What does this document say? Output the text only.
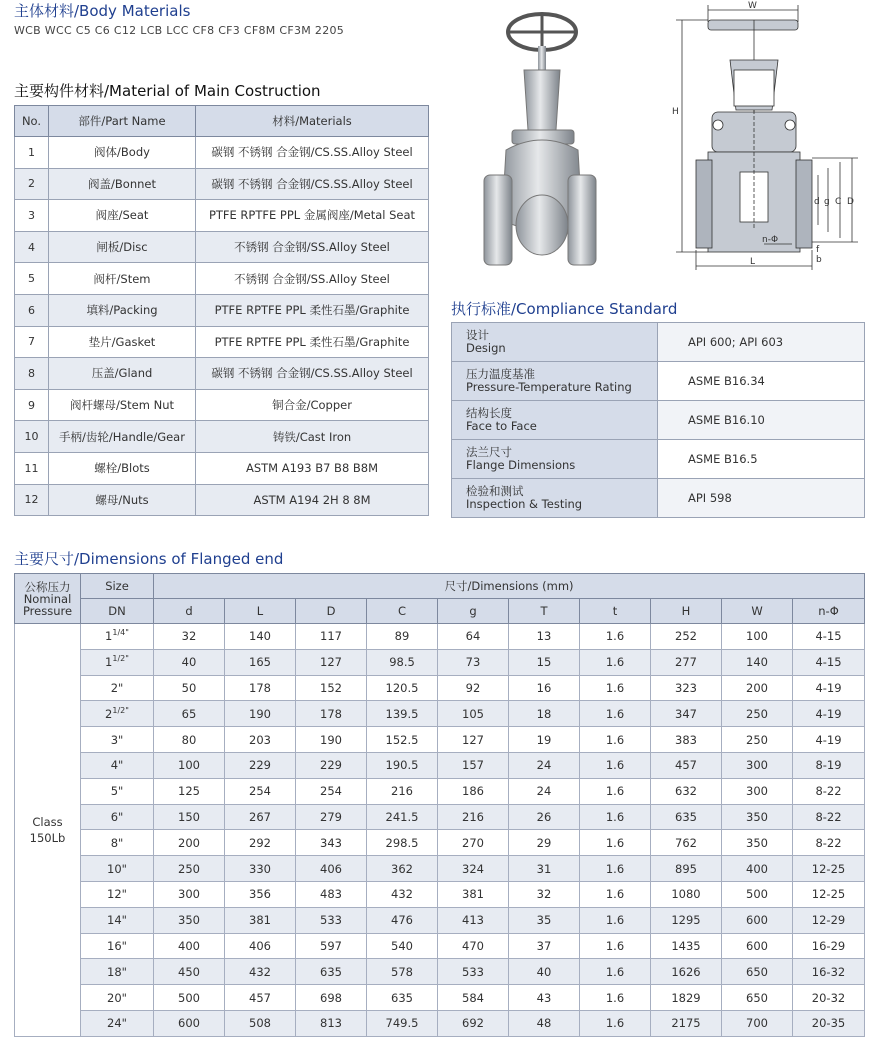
主体材料/Body Materials
WCB WCC C5 C6 C12 LCB LCC CF8 CF3 CF8M CF3M 2205
主要构件材料/Material of Main Costruction
No.	部件/Part Name	材料/Materials
1	阀体/Body	碳钢 不锈钢 合金钢/CS.SS.Alloy Steel
2	阀盖/Bonnet	碳钢 不锈钢 合金钢/CS.SS.Alloy Steel
3	阀座/Seat	PTFE RPTFE PPL 金属阀座/Metal Seat
4	闸板/Disc	不锈钢 合金钢/SS.Alloy Steel
5	阀杆/Stem	不锈钢 合金钢/SS.Alloy Steel
6	填料/Packing	PTFE RPTFE PPL 柔性石墨/Graphite
7	垫片/Gasket	PTFE RPTFE PPL 柔性石墨/Graphite
8	压盖/Gland	碳钢 不锈钢 合金钢/CS.SS.Alloy Steel
9	阀杆螺母/Stem Nut	铜合金/Copper
10	手柄/齿轮/Handle/Gear	铸铁/Cast Iron
11	螺栓/Blots	ASTM A193 B7 B8 B8M
12	螺母/Nuts	ASTM A194 2H 8 8M
W
H
L
d g C D
n-Φ
f
b
执行标准/Compliance Standard
设计
Design	API 600; API 603

压力温度基准
Pressure-Temperature Rating	ASME B16.34

结构长度
Face to Face	ASME B16.10

法兰尺寸
Flange Dimensions	ASME B16.5

检验和测试
Inspection & Testing	API 598
主要尺寸/Dimensions of Flanged end
公称压力
Nominal
Pressure	Size	尺寸/Dimensions (mm)									
	DN	d	L	D	C	g	T	t	H	W	n-Φ

Class
150Lb	$1^{1/4"}$	32	140	117	89	64	13	1.6	252	100	4-15
	$1^{1/2"}$	40	165	127	98.5	73	15	1.6	277	140	4-15
	2"	50	178	152	120.5	92	16	1.6	323	200	4-19
	$2^{1/2"}$	65	190	178	139.5	105	18	1.6	347	250	4-19
	3"	80	203	190	152.5	127	19	1.6	383	250	4-19
	4"	100	229	229	190.5	157	24	1.6	457	300	8-19
	5"	125	254	254	216	186	24	1.6	632	300	8-22
	6"	150	267	279	241.5	216	26	1.6	635	350	8-22
	8"	200	292	343	298.5	270	29	1.6	762	350	8-22
	10"	250	330	406	362	324	31	1.6	895	400	12-25
	12"	300	356	483	432	381	32	1.6	1080	500	12-25
	14"	350	381	533	476	413	35	1.6	1295	600	12-29
	16"	400	406	597	540	470	37	1.6	1435	600	16-29
	18"	450	432	635	578	533	40	1.6	1626	650	16-32
	20"	500	457	698	635	584	43	1.6	1829	650	20-32
	24"	600	508	813	749.5	692	48	1.6	2175	700	20-35
